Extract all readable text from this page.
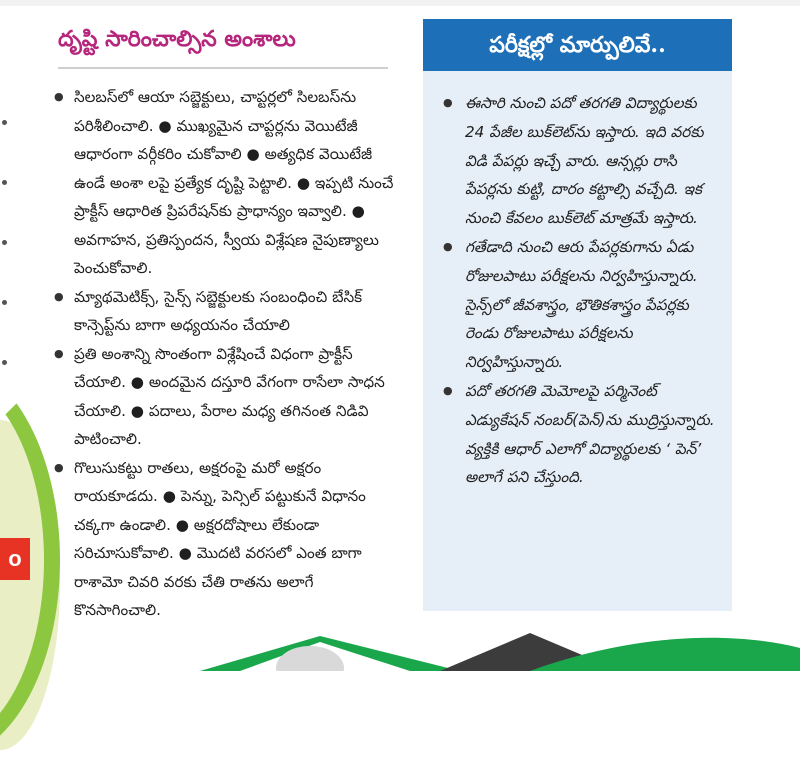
o
దృష్టి సారించాల్సిన అంశాలు
● సిలబస్‌లో ఆయా సబ్జెక్టులు, చాప్టర్లలో సిలబస్‌ను పరిశీలించాలి. ● ముఖ్యమైన చాప్టర్లను వెయిటేజీ ఆధారంగా వర్గీకరిం చుకోవాలి ● అత్యధిక వెయిటేజీ ఉండే అంశా లపై ప్రత్యేక దృష్టి పెట్టాలి. ● ఇప్పటి నుంచే ప్రాక్టీస్ ఆధారిత ప్రిపరేషన్‌కు ప్రాధాన్యం ఇవ్వాలి. ● అవగాహన, ప్రతిస్పందన, స్వీయ విశ్లేషణ నైపుణ్యాలు పెంచుకోవాలి.
● మ్యాథమెటిక్స్, సైన్స్ సబ్జెక్టులకు సంబంధించి బేసిక్ కాన్సెప్ట్‌ను బాగా అధ్యయనం చేయాలి
● ప్రతి అంశాన్ని సొంతంగా విశ్లేషించే విధంగా ప్రాక్టీస్ చేయాలి. ● అందమైన దస్తూరి వేగంగా రాసేలా సాధన చేయాలి. ● పదాలు, పేరాల మధ్య తగినంత నిడివి పాటించాలి.
● గొలుసుకట్టు రాతలు, అక్షరంపై మరో అక్షరం రాయకూడదు. ● పెన్ను, పెన్సిల్ పట్టుకునే విధానం చక్కగా ఉండాలి. ● అక్షరదోషాలు లేకుండా సరిచూసుకోవాలి. ● మొదటి వరసలో ఎంత బాగా రాశామో చివరి వరకు చేతి రాతను అలాగే కొనసాగించాలి.
పరీక్షల్లో మార్పులివే..
● ఈసారి నుంచి పదో తరగతి విద్యార్థులకు 24 పేజీల బుక్‌లెట్‌ను ఇస్తారు. ఇది వరకు విడి పేపర్లు ఇచ్చే వారు. ఆన్సర్లు రాసి పేపర్లను కుట్టి, దారం కట్టాల్సి వచ్చేది. ఇక నుంచి కేవలం బుక్‌లెట్ మాత్రమే ఇస్తారు.
● గతేడాది నుంచి ఆరు పేపర్లకుగాను ఏడు రోజులపాటు పరీక్షలను నిర్వహిస్తున్నారు. సైన్స్‌లో జీవశాస్త్రం, భౌతికశాస్త్రం పేపర్లకు రెండు రోజులపాటు పరీక్షలను నిర్వహిస్తున్నారు.
● పదో తరగతి మెమోలపై పర్మినెంట్ ఎడ్యుకేషన్ నంబర్(పెన్)ను ముద్రిస్తున్నారు. వ్యక్తికి ఆధార్ ఎలాగో విద్యార్థులకు ‘ పెన్’ అలాగే పని చేస్తుంది.
